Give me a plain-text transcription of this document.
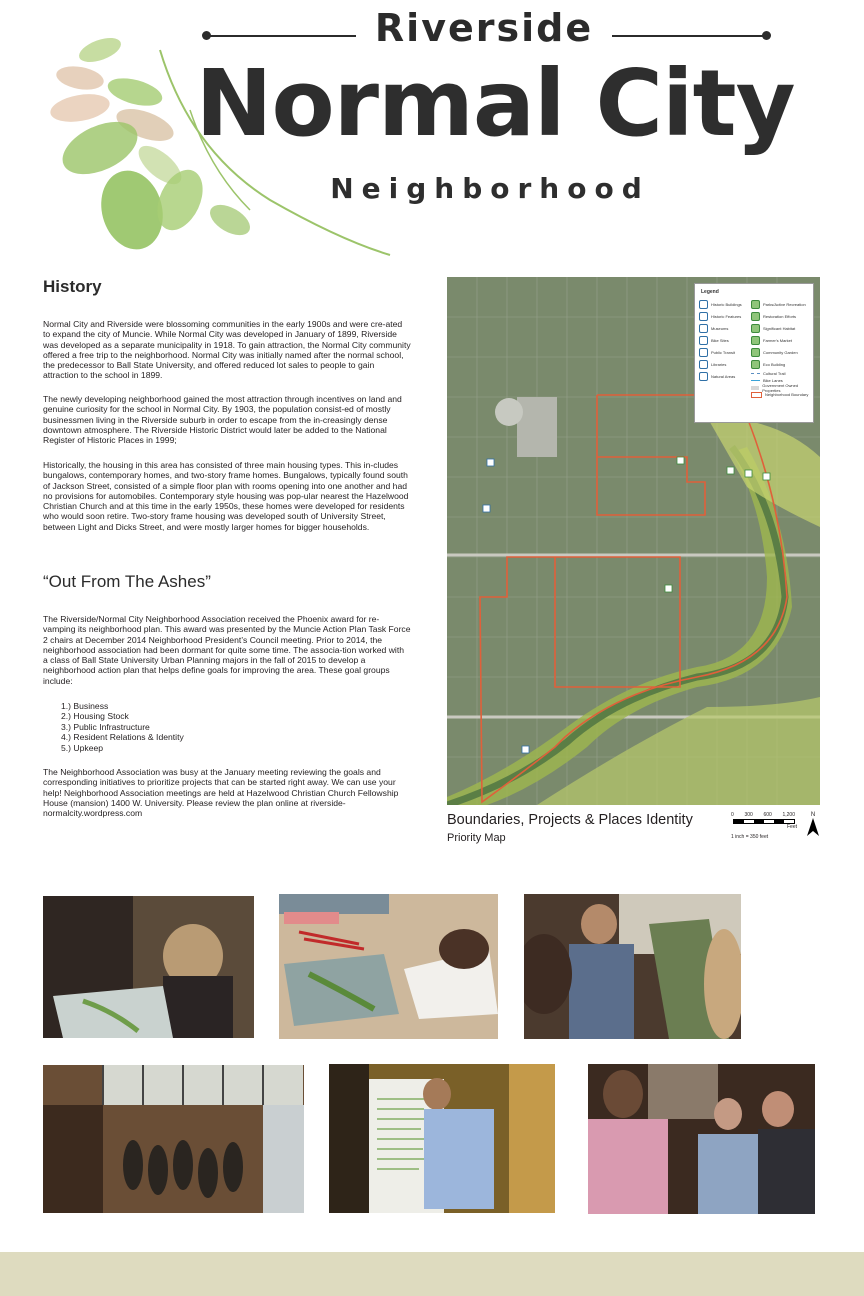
Riverside
Normal City
Neighborhood
History

Normal City and Riverside were blossoming communities in the early 1900s and were cre-ated to expand the city of Muncie. While Normal City was developed in January of 1899, Riverside was developed as a separate municipality in 1918. To gain attraction, the Normal City community offered a free trip to the neighborhood. Normal City was initially named after the normal school, the predecessor to Ball State University, and offered reduced lot sales to people to gain attraction to the school in 1899.

The newly developing neighborhood gained the most attraction through incentives on land and genuine curiosity for the school in Normal City. By 1903, the population consist-ed of mostly businessmen living in the Riverside suburb in order to escape from the in-creasingly dense downtown atmosphere. The Riverside Historic District would later be added to the National Register of Historic Places in 1999;

Historically, the housing in this area has consisted of three main housing types. This in-cludes bungalows, contemporary homes, and two-story frame homes. Bungalows, typically found south of Jackson Street, consisted of a simple floor plan with rooms opening into one another and had no provisions for automobiles. Contemporary style housing was pop-ular nearest the Hazelwood Christian Church and at this time in the early 1950s, these homes were developed for residents who would soon retire. Two-story frame housing was developed south of University Street, between Light and Dicks Street, and were mostly larger homes for bigger households.

“Out From The Ashes”

The Riverside/Normal City Neighborhood Association received the Phoenix award for re-vamping its neighborhood plan. This award was presented by the Muncie Action Plan Task Force 2 chairs at December 2014 Neighborhood President’s Council meeting. Prior to 2014, the neighborhood association had been dormant for quite some time. The associa-tion worked with a class of Ball State University Urban Planning majors in the fall of 2015 to develop a neighborhood action plan that helps define goals for improving the area. These goal groups include:

1.) Business
2.) Housing Stock
3.) Public Infrastructure
4.) Resident Relations & Identity
5.) Upkeep

The Neighborhood Association was busy at the January meeting reviewing the goals and corresponding initiatives to prioritize projects that can be started right away. We can use your help! Neighborhood Association meetings are held at Hazelwood Christian Church Fellowship House (mansion) 1400 W. University. Please review the plan online at riverside-normalcity.wordpress.com

Legend
Historic Buildings
Historic Features
Museums
Bike Sites
Public Transit
Libraries
Natural Areas
Parks/Active Recreation
Restoration Efforts
Significant Habitat
Farmer's Market
Community Garden
Eco Building
Cultural Trail
Bike Lanes
Government Owned Properties
Neighborhood Boundary
Boundaries, Projects & Places Identity
Priority Map
0 300 600 1,200
Feet
1 inch = 350 feet
N
